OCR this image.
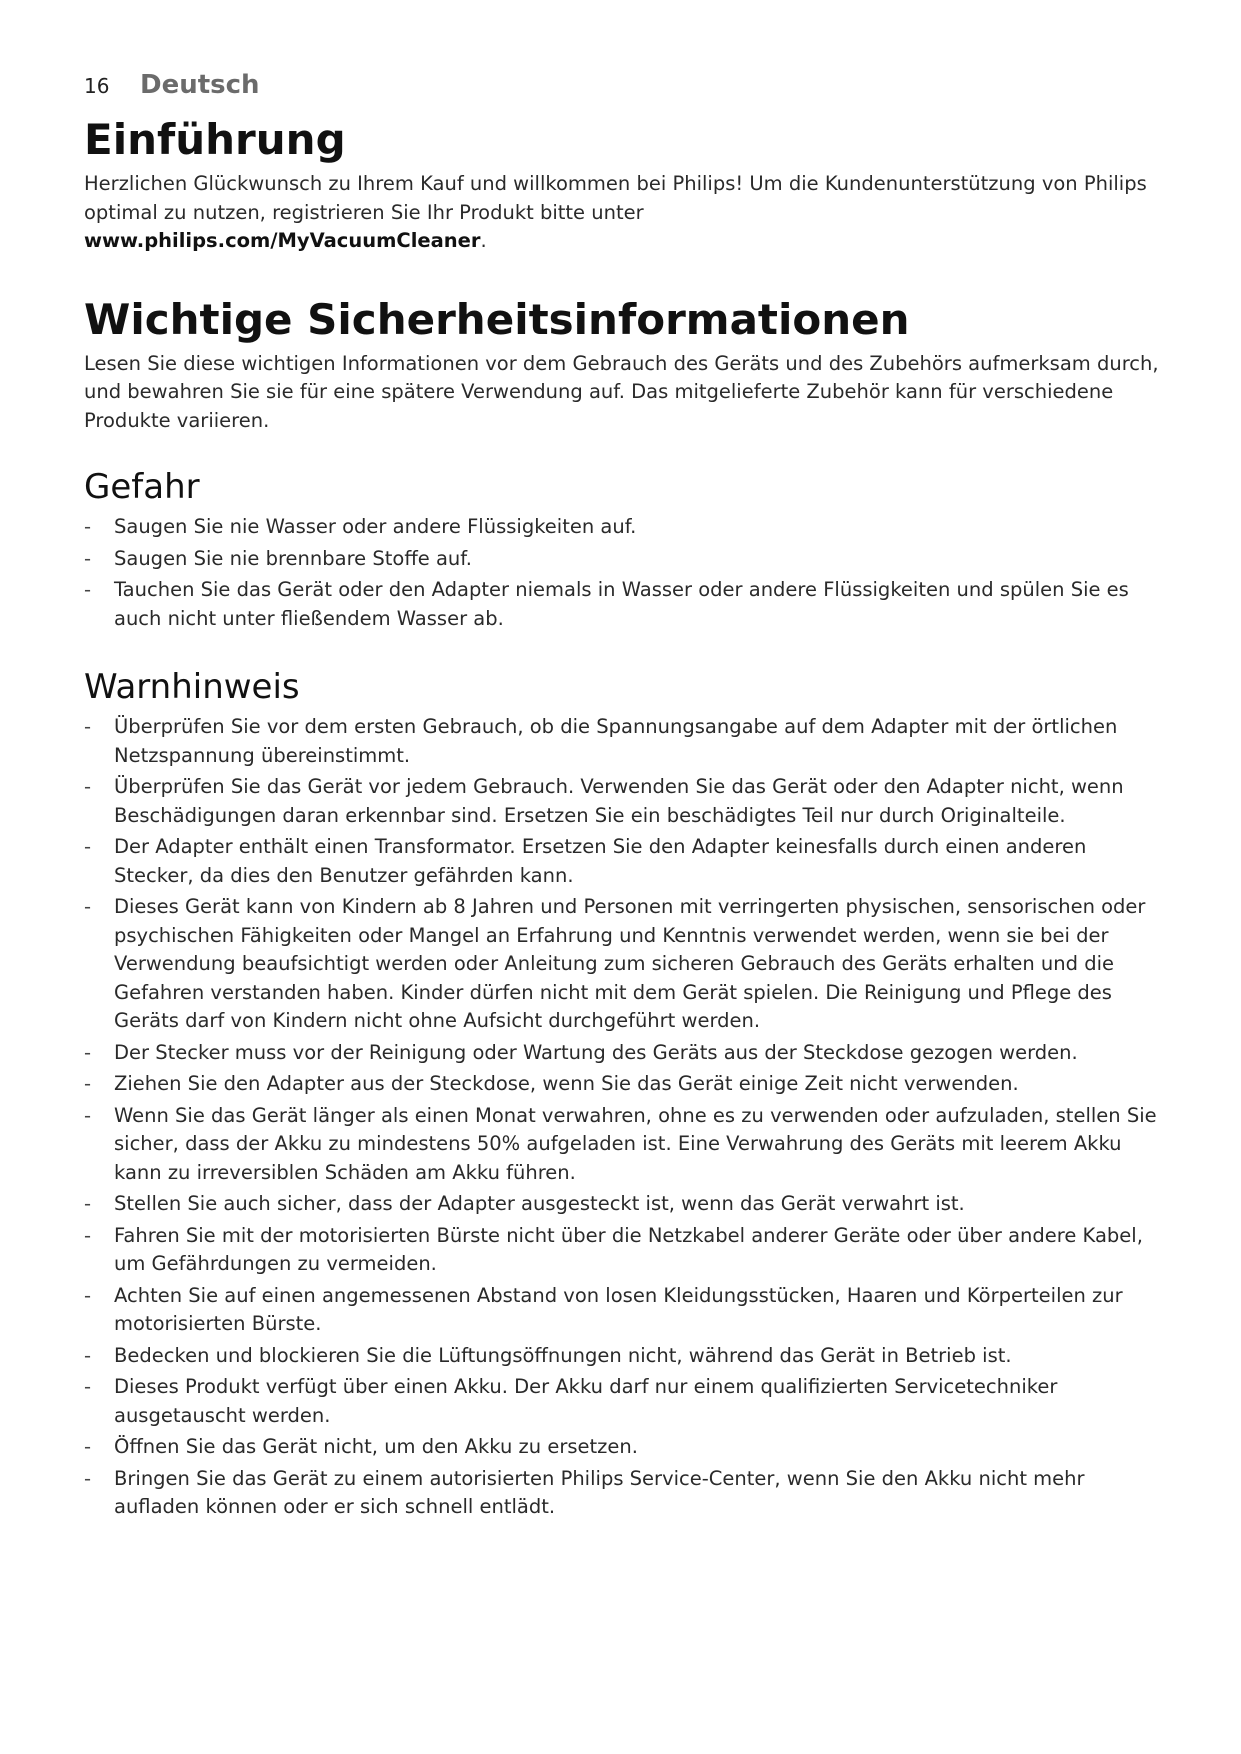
16	Deutsch
Einführung

Herzlichen Glückwunsch zu Ihrem Kauf und willkommen bei Philips! Um die Kundenunterstützung von Philips optimal zu nutzen, registrieren Sie Ihr Produkt bitte unter
www.philips.com/MyVacuumCleaner.

Wichtige Sicherheitsinformationen

Lesen Sie diese wichtigen Informationen vor dem Gebrauch des Geräts und des Zubehörs aufmerksam durch, und bewahren Sie sie für eine spätere Verwendung auf. Das mitgelieferte Zubehör kann für verschiedene Produkte variieren.

Gefahr
- Saugen Sie nie Wasser oder andere Flüssigkeiten auf.
- Saugen Sie nie brennbare Stoffe auf.
- Tauchen Sie das Gerät oder den Adapter niemals in Wasser oder andere Flüssigkeiten und spülen Sie es auch nicht unter fließendem Wasser ab.
Warnhinweis
- Überprüfen Sie vor dem ersten Gebrauch, ob die Spannungsangabe auf dem Adapter mit der örtlichen Netzspannung übereinstimmt.
- Überprüfen Sie das Gerät vor jedem Gebrauch. Verwenden Sie das Gerät oder den Adapter nicht, wenn Beschädigungen daran erkennbar sind. Ersetzen Sie ein beschädigtes Teil nur durch Originalteile.
- Der Adapter enthält einen Transformator. Ersetzen Sie den Adapter keinesfalls durch einen anderen Stecker, da dies den Benutzer gefährden kann.
- Dieses Gerät kann von Kindern ab 8 Jahren und Personen mit verringerten physischen, sensorischen oder psychischen Fähigkeiten oder Mangel an Erfahrung und Kenntnis verwendet werden, wenn sie bei der Verwendung beaufsichtigt werden oder Anleitung zum sicheren Gebrauch des Geräts erhalten und die Gefahren verstanden haben. Kinder dürfen nicht mit dem Gerät spielen. Die Reinigung und Pflege des Geräts darf von Kindern nicht ohne Aufsicht durchgeführt werden.
- Der Stecker muss vor der Reinigung oder Wartung des Geräts aus der Steckdose gezogen werden.
- Ziehen Sie den Adapter aus der Steckdose, wenn Sie das Gerät einige Zeit nicht verwenden.
- Wenn Sie das Gerät länger als einen Monat verwahren, ohne es zu verwenden oder aufzuladen, stellen Sie sicher, dass der Akku zu mindestens 50% aufgeladen ist. Eine Verwahrung des Geräts mit leerem Akku kann zu irreversiblen Schäden am Akku führen.
- Stellen Sie auch sicher, dass der Adapter ausgesteckt ist, wenn das Gerät verwahrt ist.
- Fahren Sie mit der motorisierten Bürste nicht über die Netzkabel anderer Geräte oder über andere Kabel, um Gefährdungen zu vermeiden.
- Achten Sie auf einen angemessenen Abstand von losen Kleidungsstücken, Haaren und Körperteilen zur motorisierten Bürste.
- Bedecken und blockieren Sie die Lüftungsöffnungen nicht, während das Gerät in Betrieb ist.
- Dieses Produkt verfügt über einen Akku. Der Akku darf nur einem qualifizierten Servicetechniker ausgetauscht werden.
- Öffnen Sie das Gerät nicht, um den Akku zu ersetzen.
- Bringen Sie das Gerät zu einem autorisierten Philips Service-Center, wenn Sie den Akku nicht mehr aufladen können oder er sich schnell entlädt.
